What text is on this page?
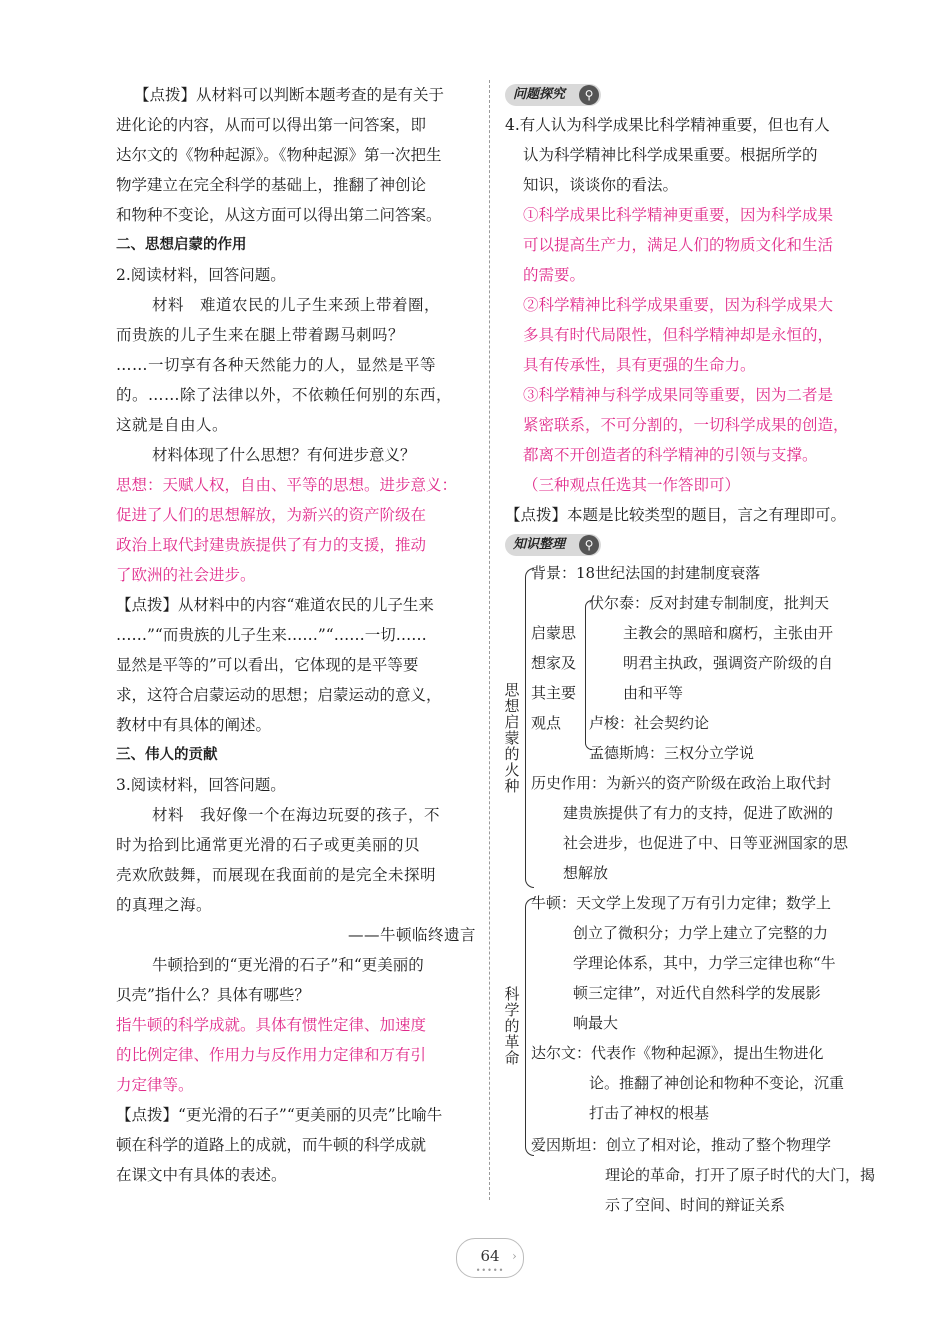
【点拨】从材料可以判断本题考查的是有关于
进化论的内容，从而可以得出第一问答案，即
达尔文的《物种起源》。《物种起源》第一次把生
物学建立在完全科学的基础上，推翻了神创论
和物种不变论，从这方面可以得出第二问答案。
二、思想启蒙的作用
2.阅读材料，回答问题。
材料　难道农民的儿子生来颈上带着圈，
而贵族的儿子生来在腿上带着踢马刺吗？
……一切享有各种天然能力的人，显然是平等
的。……除了法律以外，不依赖任何别的东西，
这就是自由人。
材料体现了什么思想？有何进步意义？
思想：天赋人权，自由、平等的思想。进步意义：
促进了人们的思想解放，为新兴的资产阶级在
政治上取代封建贵族提供了有力的支援，推动
了欧洲的社会进步。
【点拨】从材料中的内容“难道农民的儿子生来
……”“而贵族的儿子生来……”“……一切……
显然是平等的”可以看出，它体现的是平等要
求，这符合启蒙运动的思想；启蒙运动的意义，
教材中有具体的阐述。
三、伟人的贡献
3.阅读材料，回答问题。
材料　我好像一个在海边玩耍的孩子，不
时为拾到比通常更光滑的石子或更美丽的贝
壳欢欣鼓舞，而展现在我面前的是完全未探明
的真理之海。
——牛顿临终遗言
牛顿拾到的“更光滑的石子”和“更美丽的
贝壳”指什么？具体有哪些？
指牛顿的科学成就。具体有惯性定律、加速度
的比例定律、作用力与反作用力定律和万有引
力定律等。
【点拨】“更光滑的石子”“更美丽的贝壳”比喻牛
顿在科学的道路上的成就，而牛顿的科学成就
在课文中有具体的表述。
问题探究	⚲
4.有人认为科学成果比科学精神重要，但也有人
认为科学精神比科学成果重要。根据所学的
知识，谈谈你的看法。
①科学成果比科学精神更重要，因为科学成果
可以提高生产力，满足人们的物质文化和生活
的需要。
②科学精神比科学成果重要，因为科学成果大
多具有时代局限性，但科学精神却是永恒的，
具有传承性，具有更强的生命力。
③科学精神与科学成果同等重要，因为二者是
紧密联系，不可分割的，一切科学成果的创造，
都离不开创造者的科学精神的引领与支撑。
（三种观点任选其一作答即可）
【点拨】本题是比较类型的题目，言之有理即可。
知识整理	⚲
思想启蒙的火种
背景：18世纪法国的封建制度衰落
启蒙思
想家及
其主要
观点
伏尔泰：反对封建专制制度，批判天
主教会的黑暗和腐朽，主张由开
明君主执政，强调资产阶级的自
由和平等
卢梭：社会契约论
孟德斯鸠：三权分立学说
历史作用：为新兴的资产阶级在政治上取代封
建贵族提供了有力的支持，促进了欧洲的
社会进步，也促进了中、日等亚洲国家的思
想解放
科学的革命
牛顿：天文学上发现了万有引力定律；数学上
创立了微积分；力学上建立了完整的力
学理论体系，其中，力学三定律也称“牛
顿三定律”，对近代自然科学的发展影
响最大
达尔文：代表作《物种起源》，提出生物进化
论。推翻了神创论和物种不变论，沉重
打击了神权的根基
爱因斯坦：创立了相对论，推动了整个物理学
理论的革命，打开了原子时代的大门，揭
示了空间、时间的辩证关系
64
•••••
›
